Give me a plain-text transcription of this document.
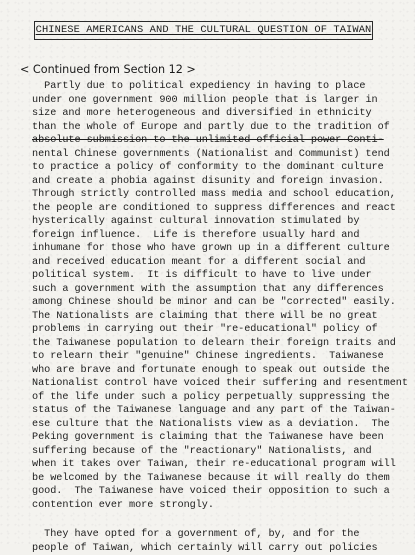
CHINESE AMERICANS AND THE CULTURAL QUESTION OF TAIWAN
< Continued from Section 12 >
Partly due to political expediency in having to place
under one government 900 million people that is larger in
size and more heterogeneous and diversified in ethnicity
than the whole of Europe and partly due to the tradition of
absolute submission to the unlimited official power Conti-
nental Chinese governments (Nationalist and Communist) tend
to practice a policy of conformity to the dominant culture
and create a phobia against disunity and foreign invasion.
Through strictly controlled mass media and school education,
the people are conditioned to suppress differences and react
hysterically against cultural innovation stimulated by
foreign influence.  Life is therefore usually hard and
inhumane for those who have grown up in a different culture
and received education meant for a different social and
political system.  It is difficult to have to live under
such a government with the assumption that any differences
among Chinese should be minor and can be "corrected" easily.
The Nationalists are claiming that there will be no great
problems in carrying out their "re-educational" policy of
the Taiwanese population to delearn their foreign traits and
to relearn their "genuine" Chinese ingredients.  Taiwanese
who are brave and fortunate enough to speak out outside the
Nationalist control have voiced their suffering and resentment
of the life under such a policy perpetually suppressing the
status of the Taiwanese language and any part of the Taiwan-
ese culture that the Nationalists view as a deviation.  The
Peking government is claiming that the Taiwanese have been
suffering because of the "reactionary" Nationalists, and
when it takes over Taiwan, their re-educational program will
be welcomed by the Taiwanese because it will really do them
good.  The Taiwanese have voiced their opposition to such a
contention ever more strongly.
They have opted for a government of, by, and for the
people of Taiwan, which certainly will carry out policies
